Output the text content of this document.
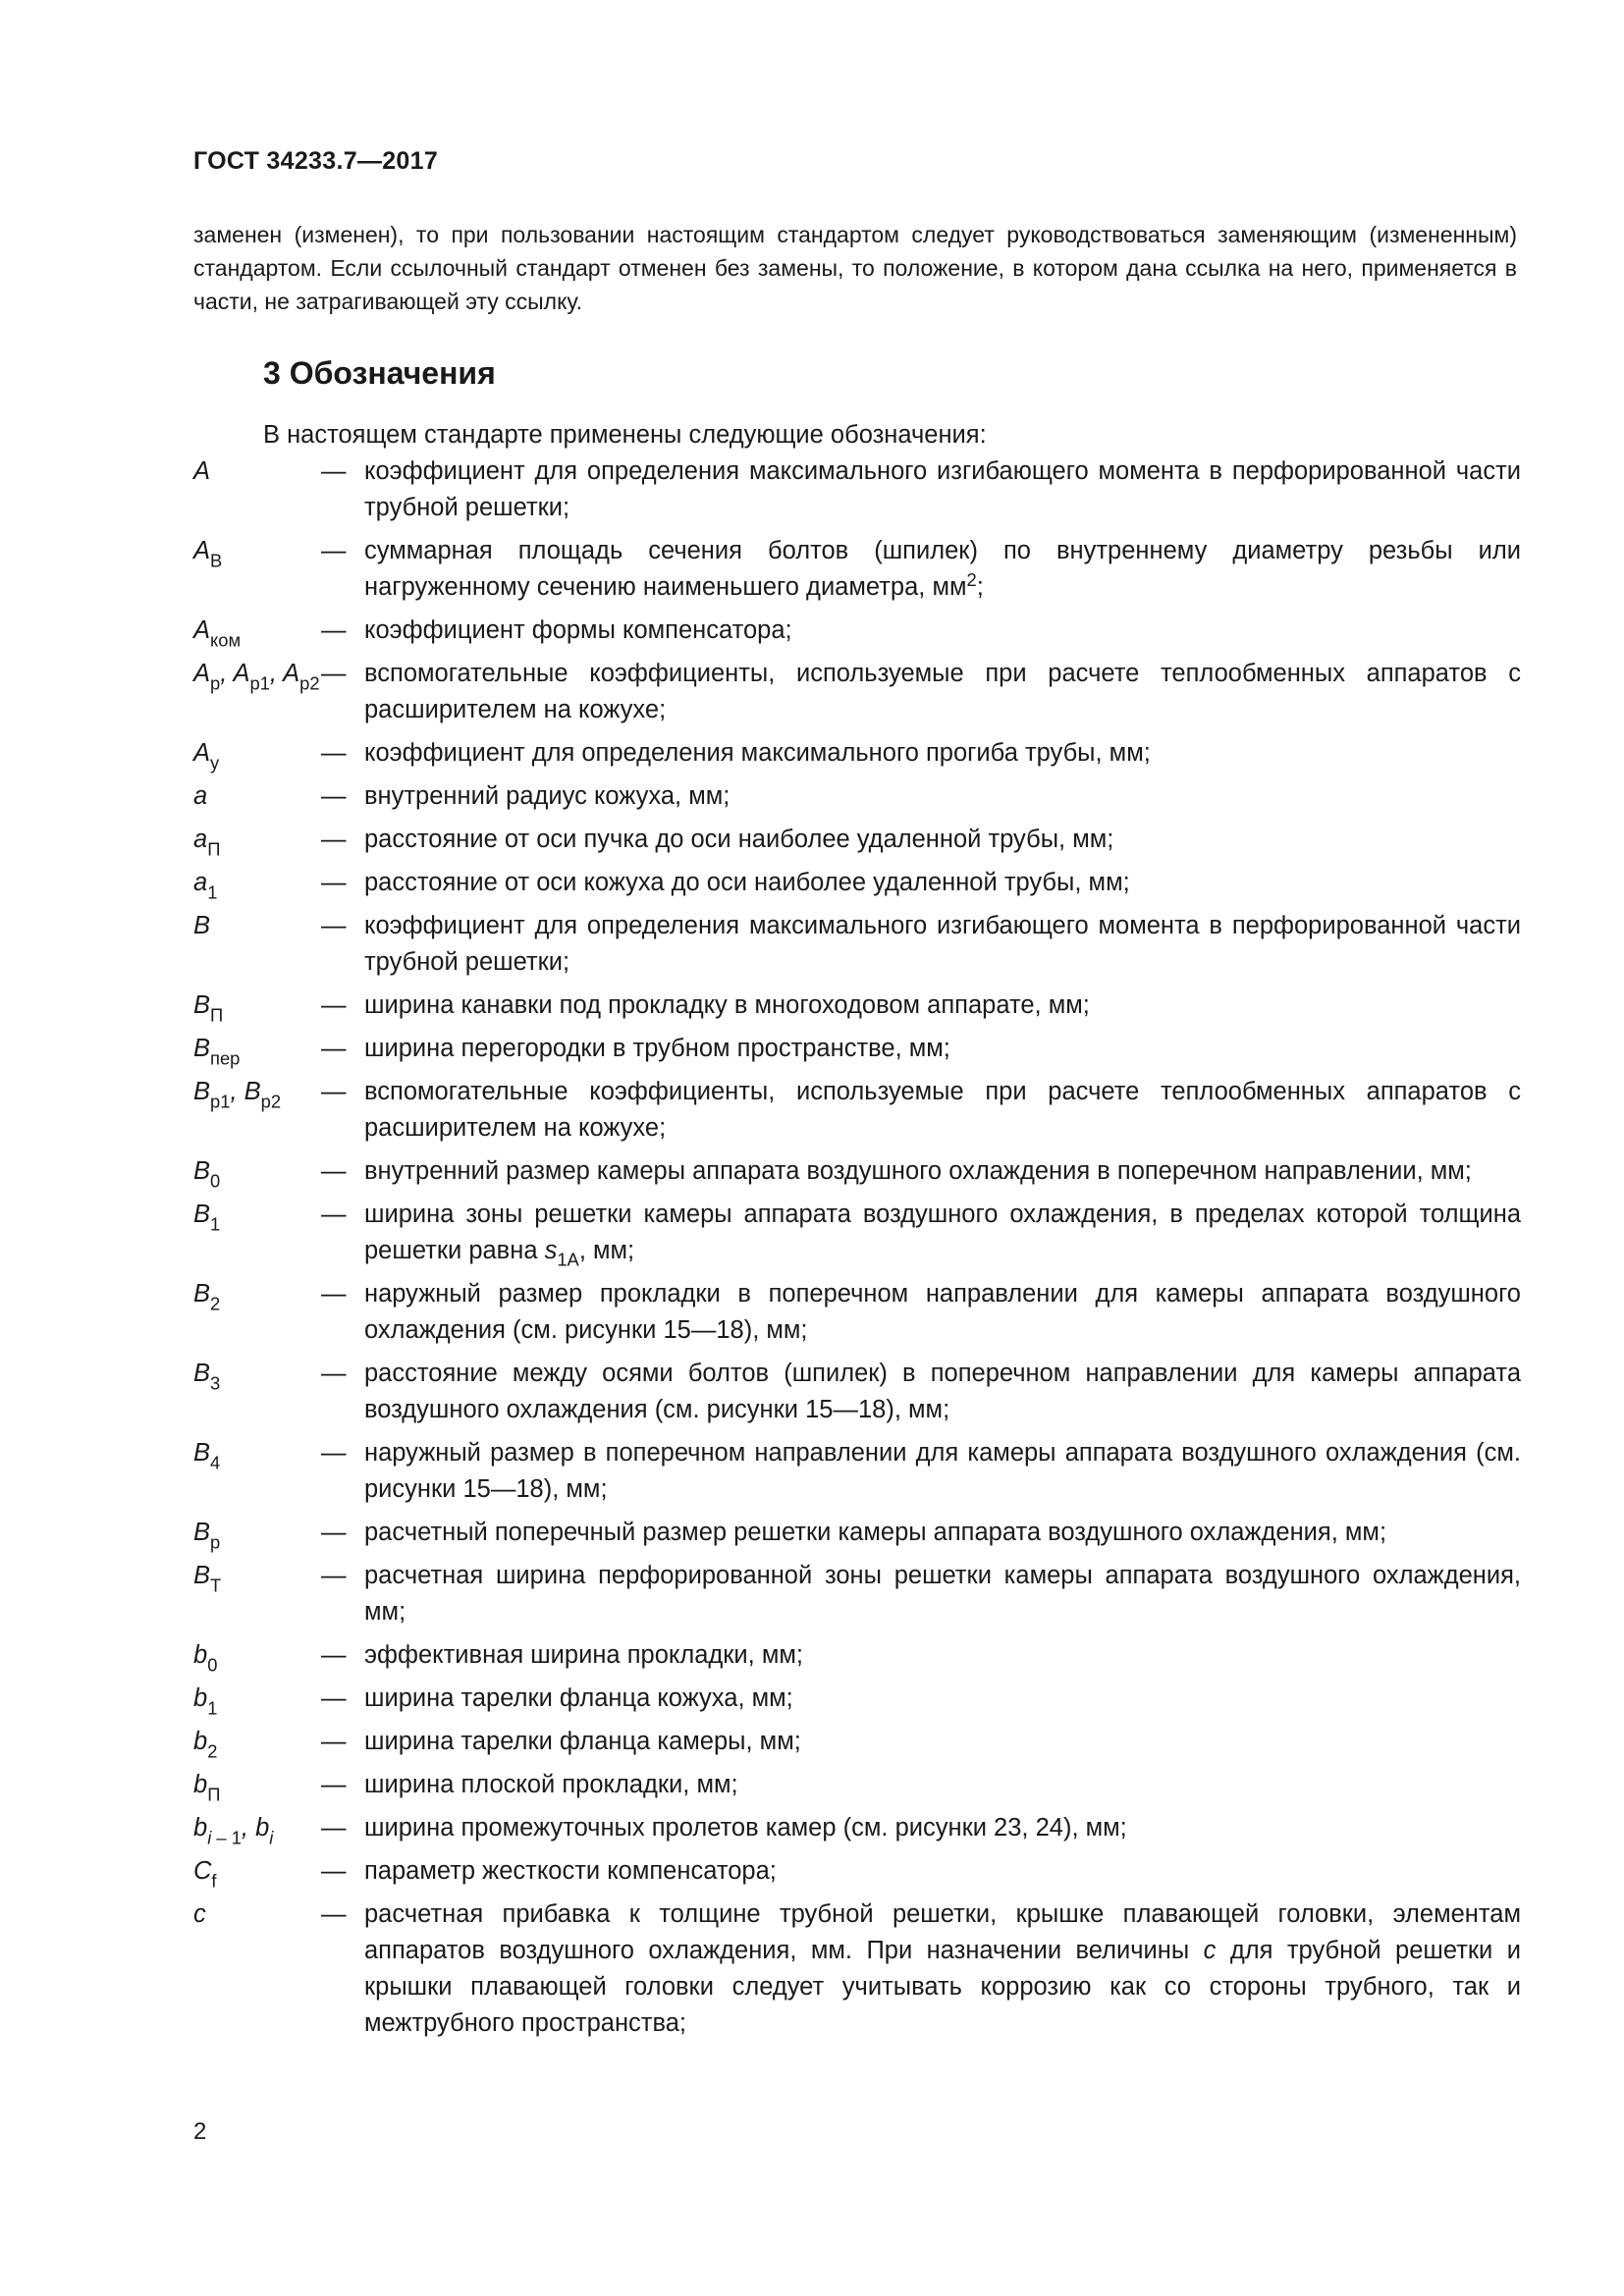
ГОСТ 34233.7—2017
заменен (изменен), то при пользовании настоящим стандартом следует руководствоваться заменяющим (измененным) стандартом. Если ссылочный стандарт отменен без замены, то положение, в котором дана ссылка на него, применяется в части, не затрагивающей эту ссылку.
3 Обозначения
В настоящем стандарте применены следующие обозначения:
A	— коэффициент для определения максимального изгибающего момента в перфорированной части трубной решетки;
$A_B$	— суммарная площадь сечения болтов (шпилек) по внутреннему диаметру резьбы или нагруженному сечению наименьшего диаметра, $мм^2$;
$A_{ком}$	— коэффициент формы компенсатора;
$A_p$, $A_{p1}$, $A_{p2}$ — вспомогательные коэффициенты, используемые при расчете теплообменных аппаратов с расширителем на кожухе;
$A_y$	— коэффициент для определения максимального прогиба трубы, мм;
a	— внутренний радиус кожуха, мм;
$a_П$	— расстояние от оси пучка до оси наиболее удаленной трубы, мм;
$a_1$	— расстояние от оси кожуха до оси наиболее удаленной трубы, мм;
B	— коэффициент для определения максимального изгибающего момента в перфорированной части трубной решетки;
$B_П$	— ширина канавки под прокладку в многоходовом аппарате, мм;
$B_{пер}$	— ширина перегородки в трубном пространстве, мм;
$B_{p1}$, $B_{p2}$	— вспомогательные коэффициенты, используемые при расчете теплообменных аппаратов с расширителем на кожухе;
$B_0$	— внутренний размер камеры аппарата воздушного охлаждения в поперечном направлении, мм;
$B_1$	— ширина зоны решетки камеры аппарата воздушного охлаждения, в пределах которой толщина решетки равна $s_{1A}$, мм;
$B_2$	— наружный размер прокладки в поперечном направлении для камеры аппарата воздушного охлаждения (см. рисунки 15—18), мм;
$B_3$	— расстояние между осями болтов (шпилек) в поперечном направлении для камеры аппарата воздушного охлаждения (см. рисунки 15—18), мм;
$B_4$	— наружный размер в поперечном направлении для камеры аппарата воздушного охлаждения (см. рисунки 15—18), мм;
$B_p$	— расчетный поперечный размер решетки камеры аппарата воздушного охлаждения, мм;
$B_T$	— расчетная ширина перфорированной зоны решетки камеры аппарата воздушного охлаждения, мм;
$b_0$	— эффективная ширина прокладки, мм;
$b_1$	— ширина тарелки фланца кожуха, мм;
$b_2$	— ширина тарелки фланца камеры, мм;
$b_П$	— ширина плоской прокладки, мм;
$b_{i - 1}$, $b_i$	— ширина промежуточных пролетов камер (см. рисунки 23, 24), мм;
$C_f$	— параметр жесткости компенсатора;
c	— расчетная прибавка к толщине трубной решетки, крышке плавающей головки, элементам аппаратов воздушного охлаждения, мм. При назначении величины c для трубной решетки и крышки плавающей головки следует учитывать коррозию как со стороны трубного, так и межтрубного пространства;
2
